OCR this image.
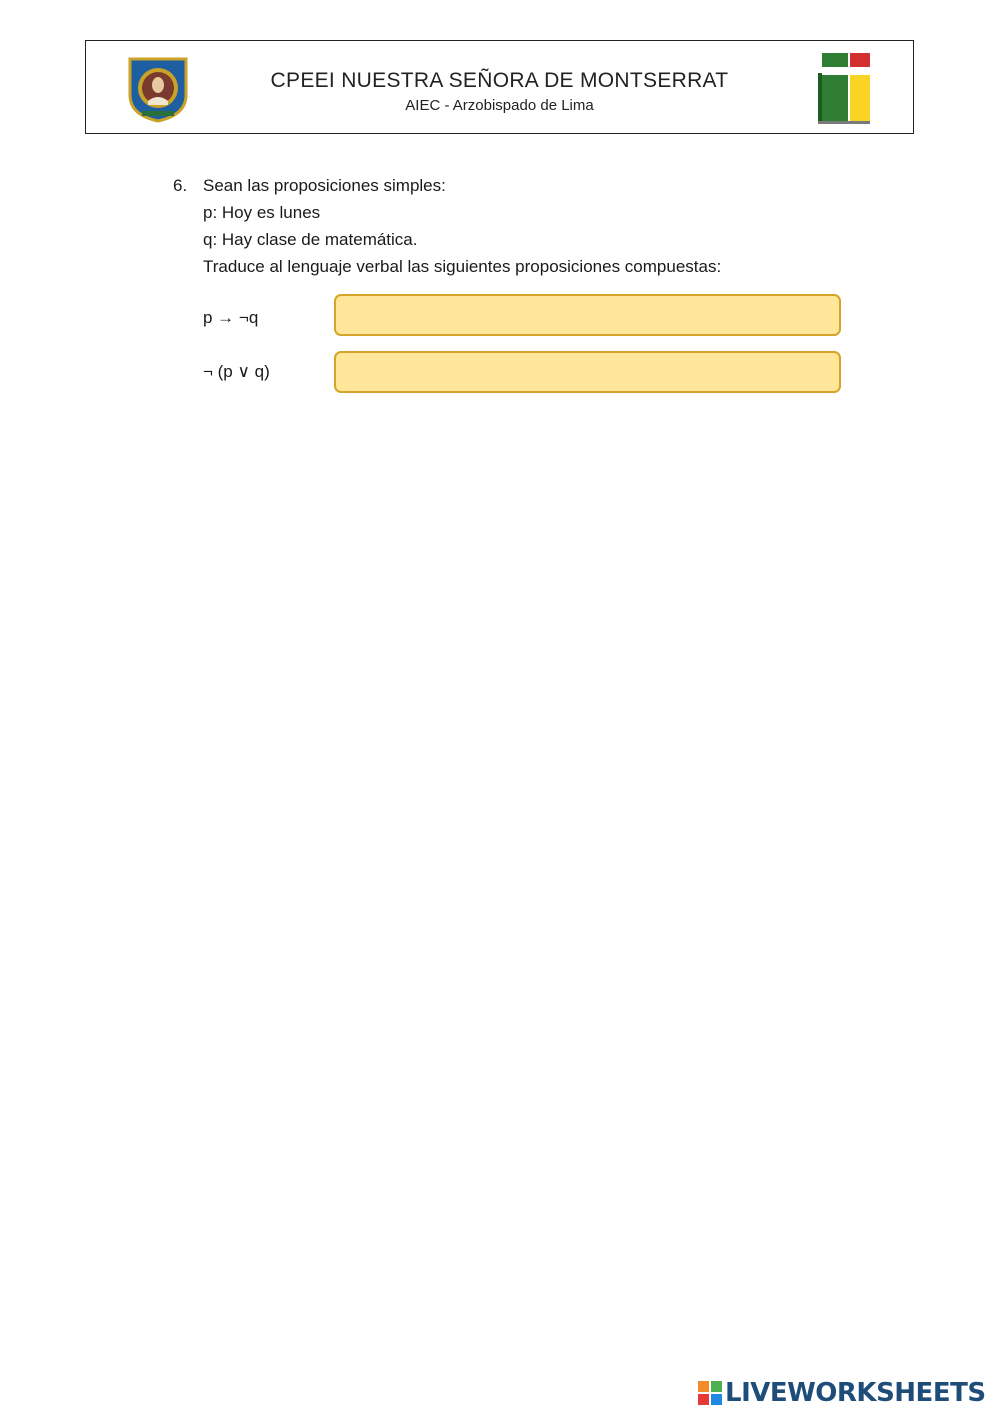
CPEEI NUESTRA SEÑORA DE MONTSERRAT
AIEC - Arzobispado de Lima
6. Sean las proposiciones simples:
p: Hoy es lunes
q: Hay clase de matemática.
Traduce al lenguaje verbal las siguientes proposiciones compuestas:
p → ¬q
¬ (p ∨ q)
LIVEWORKSHEETS
